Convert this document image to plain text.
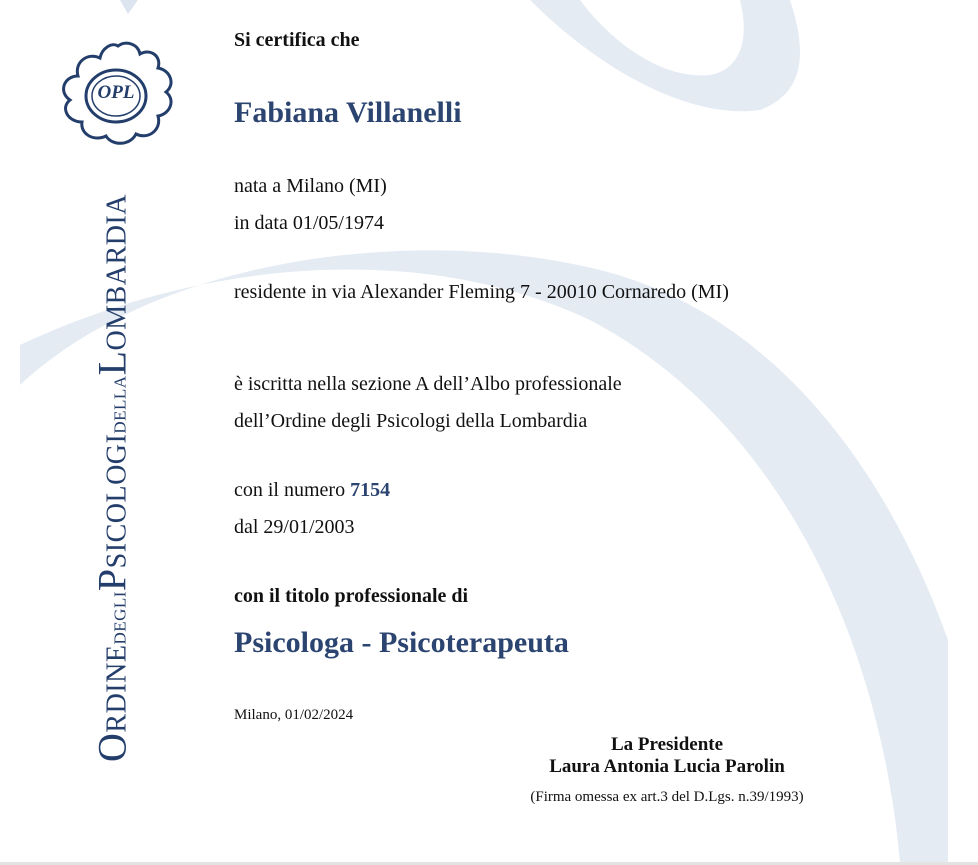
OPL
ORDINEDEGLIPSICOLOGIDELLALOMBARDIA
Si certifica che
Fabiana Villanelli
nata a Milano (MI)
in data 01/05/1974
residente in via Alexander Fleming 7 - 20010 Cornaredo (MI)
è iscritta nella sezione A dell’Albo professionale
dell’Ordine degli Psicologi della Lombardia
con il numero 7154
dal 29/01/2003
con il titolo professionale di
Psicologa - Psicoterapeuta
Milano, 01/02/2024
La Presidente
Laura Antonia Lucia Parolin
(Firma omessa ex art.3 del D.Lgs. n.39/1993)
